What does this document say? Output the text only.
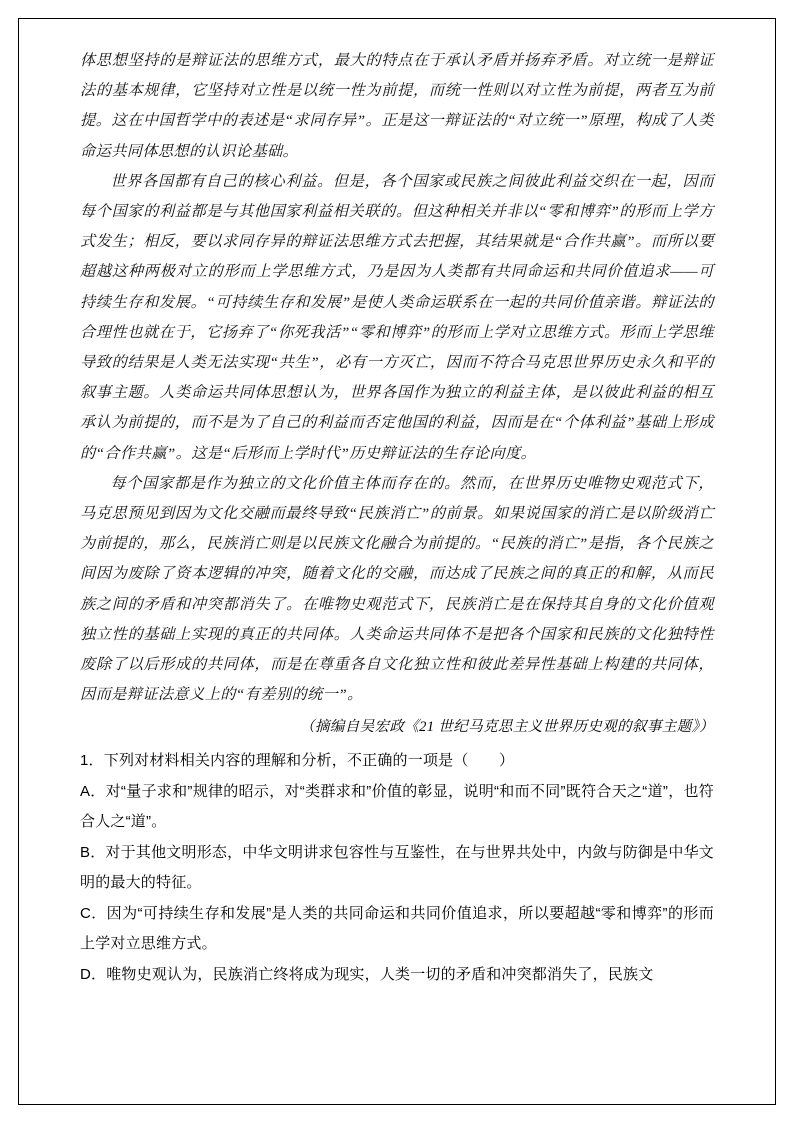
体思想坚持的是辩证法的思维方式，最大的特点在于承认矛盾并扬弃矛盾。对立统一是辩证法的基本规律，它坚持对立性是以统一性为前提，而统一性则以对立性为前提，两者互为前提。这在中国哲学中的表述是“求同存异”。正是这一辩证法的“对立统一”原理，构成了人类命运共同体思想的认识论基础。

世界各国都有自己的核心利益。但是，各个国家或民族之间彼此利益交织在一起，因而每个国家的利益都是与其他国家利益相关联的。但这种相关并非以“零和博弈”的形而上学方式发生；相反，要以求同存异的辩证法思维方式去把握，其结果就是“合作共赢”。而所以要超越这种两极对立的形而上学思维方式，乃是因为人类都有共同命运和共同价值追求——可持续生存和发展。“可持续生存和发展”是使人类命运联系在一起的共同价值亲谐。辩证法的合理性也就在于，它扬弃了“你死我活”“零和博弈”的形而上学对立思维方式。形而上学思维导致的结果是人类无法实现“共生”，必有一方灭亡，因而不符合马克思世界历史永久和平的叙事主题。人类命运共同体思想认为，世界各国作为独立的利益主体，是以彼此利益的相互承认为前提的，而不是为了自己的利益而否定他国的利益，因而是在“个体利益”基础上形成的“合作共赢”。这是“后形而上学时代”历史辩证法的生存论向度。

每个国家都是作为独立的文化价值主体而存在的。然而，在世界历史唯物史观范式下，马克思预见到因为文化交融而最终导致“民族消亡”的前景。如果说国家的消亡是以阶级消亡为前提的，那么，民族消亡则是以民族文化融合为前提的。“民族的消亡”是指，各个民族之间因为废除了资本逻辑的冲突，随着文化的交融，而达成了民族之间的真正的和解，从而民族之间的矛盾和冲突都消失了。在唯物史观范式下，民族消亡是在保持其自身的文化价值观独立性的基础上实现的真正的共同体。人类命运共同体不是把各个国家和民族的文化独特性废除了以后形成的共同体，而是在尊重各自文化独立性和彼此差异性基础上构建的共同体，因而是辩证法意义上的“有差别的统一”。

（摘编自吴宏政《21 世纪马克思主义世界历史观的叙事主题》）

1．下列对材料相关内容的理解和分析，不正确的一项是（　　）

A．对“量子求和”规律的昭示，对“类群求和”价值的彰显，说明“和而不同”既符合天之“道”，也符合人之“道”。

B．对于其他文明形态，中华文明讲求包容性与互鉴性，在与世界共处中，内敛与防御是中华文明的最大的特征。

C．因为“可持续生存和发展”是人类的共同命运和共同价值追求，所以要超越“零和博弈”的形而上学对立思维方式。

D．唯物史观认为，民族消亡终将成为现实，人类一切的矛盾和冲突都消失了，民族文
